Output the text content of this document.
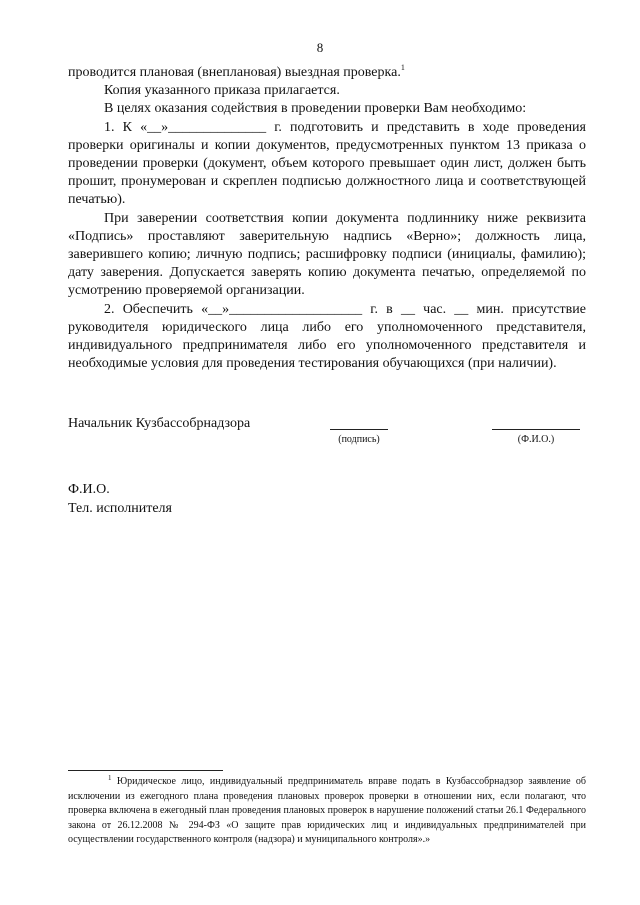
8

проводится плановая (внеплановая) выездная проверка.$^1$

Копия указанного приказа прилагается.

В целях оказания содействия в проведении проверки Вам необходимо:

1. К «__»______________ г. подготовить и представить в ходе проведения проверки оригиналы и копии документов, предусмотренных пунктом 13 приказа о проведении проверки (документ, объем которого превышает один лист, должен быть прошит, пронумерован и скреплен подписью должностного лица и соответствующей печатью).

При заверении соответствия копии документа подлиннику ниже реквизита «Подпись» проставляют заверительную надпись «Верно»; должность лица, заверившего копию; личную подпись; расшифровку подписи (инициалы, фамилию); дату заверения. Допускается заверять копию документа печатью, определяемой по усмотрению проверяемой организации.

2. Обеспечить «__»___________________ г. в __ час. __ мин. присутствие руководителя юридического лица либо его уполномоченного представителя, индивидуального предпринимателя либо его уполномоченного представителя и необходимые условия для проведения тестирования обучающихся (при наличии).

Начальник Кузбассобрнадзора
(подпись)	(Ф.И.О.)
Ф.И.О.
Тел. исполнителя

$^1$ Юридическое лицо, индивидуальный предприниматель вправе подать в Кузбассобрнадзор заявление об исключении из ежегодного плана проведения плановых проверок проверки в отношении них, если полагают, что проверка включена в ежегодный план проведения плановых проверок в нарушение положений статьи 26.1 Федерального закона от 26.12.2008 № 294-ФЗ «О защите прав юридических лиц и индивидуальных предпринимателей при осуществлении государственного контроля (надзора) и муниципального контроля».»
